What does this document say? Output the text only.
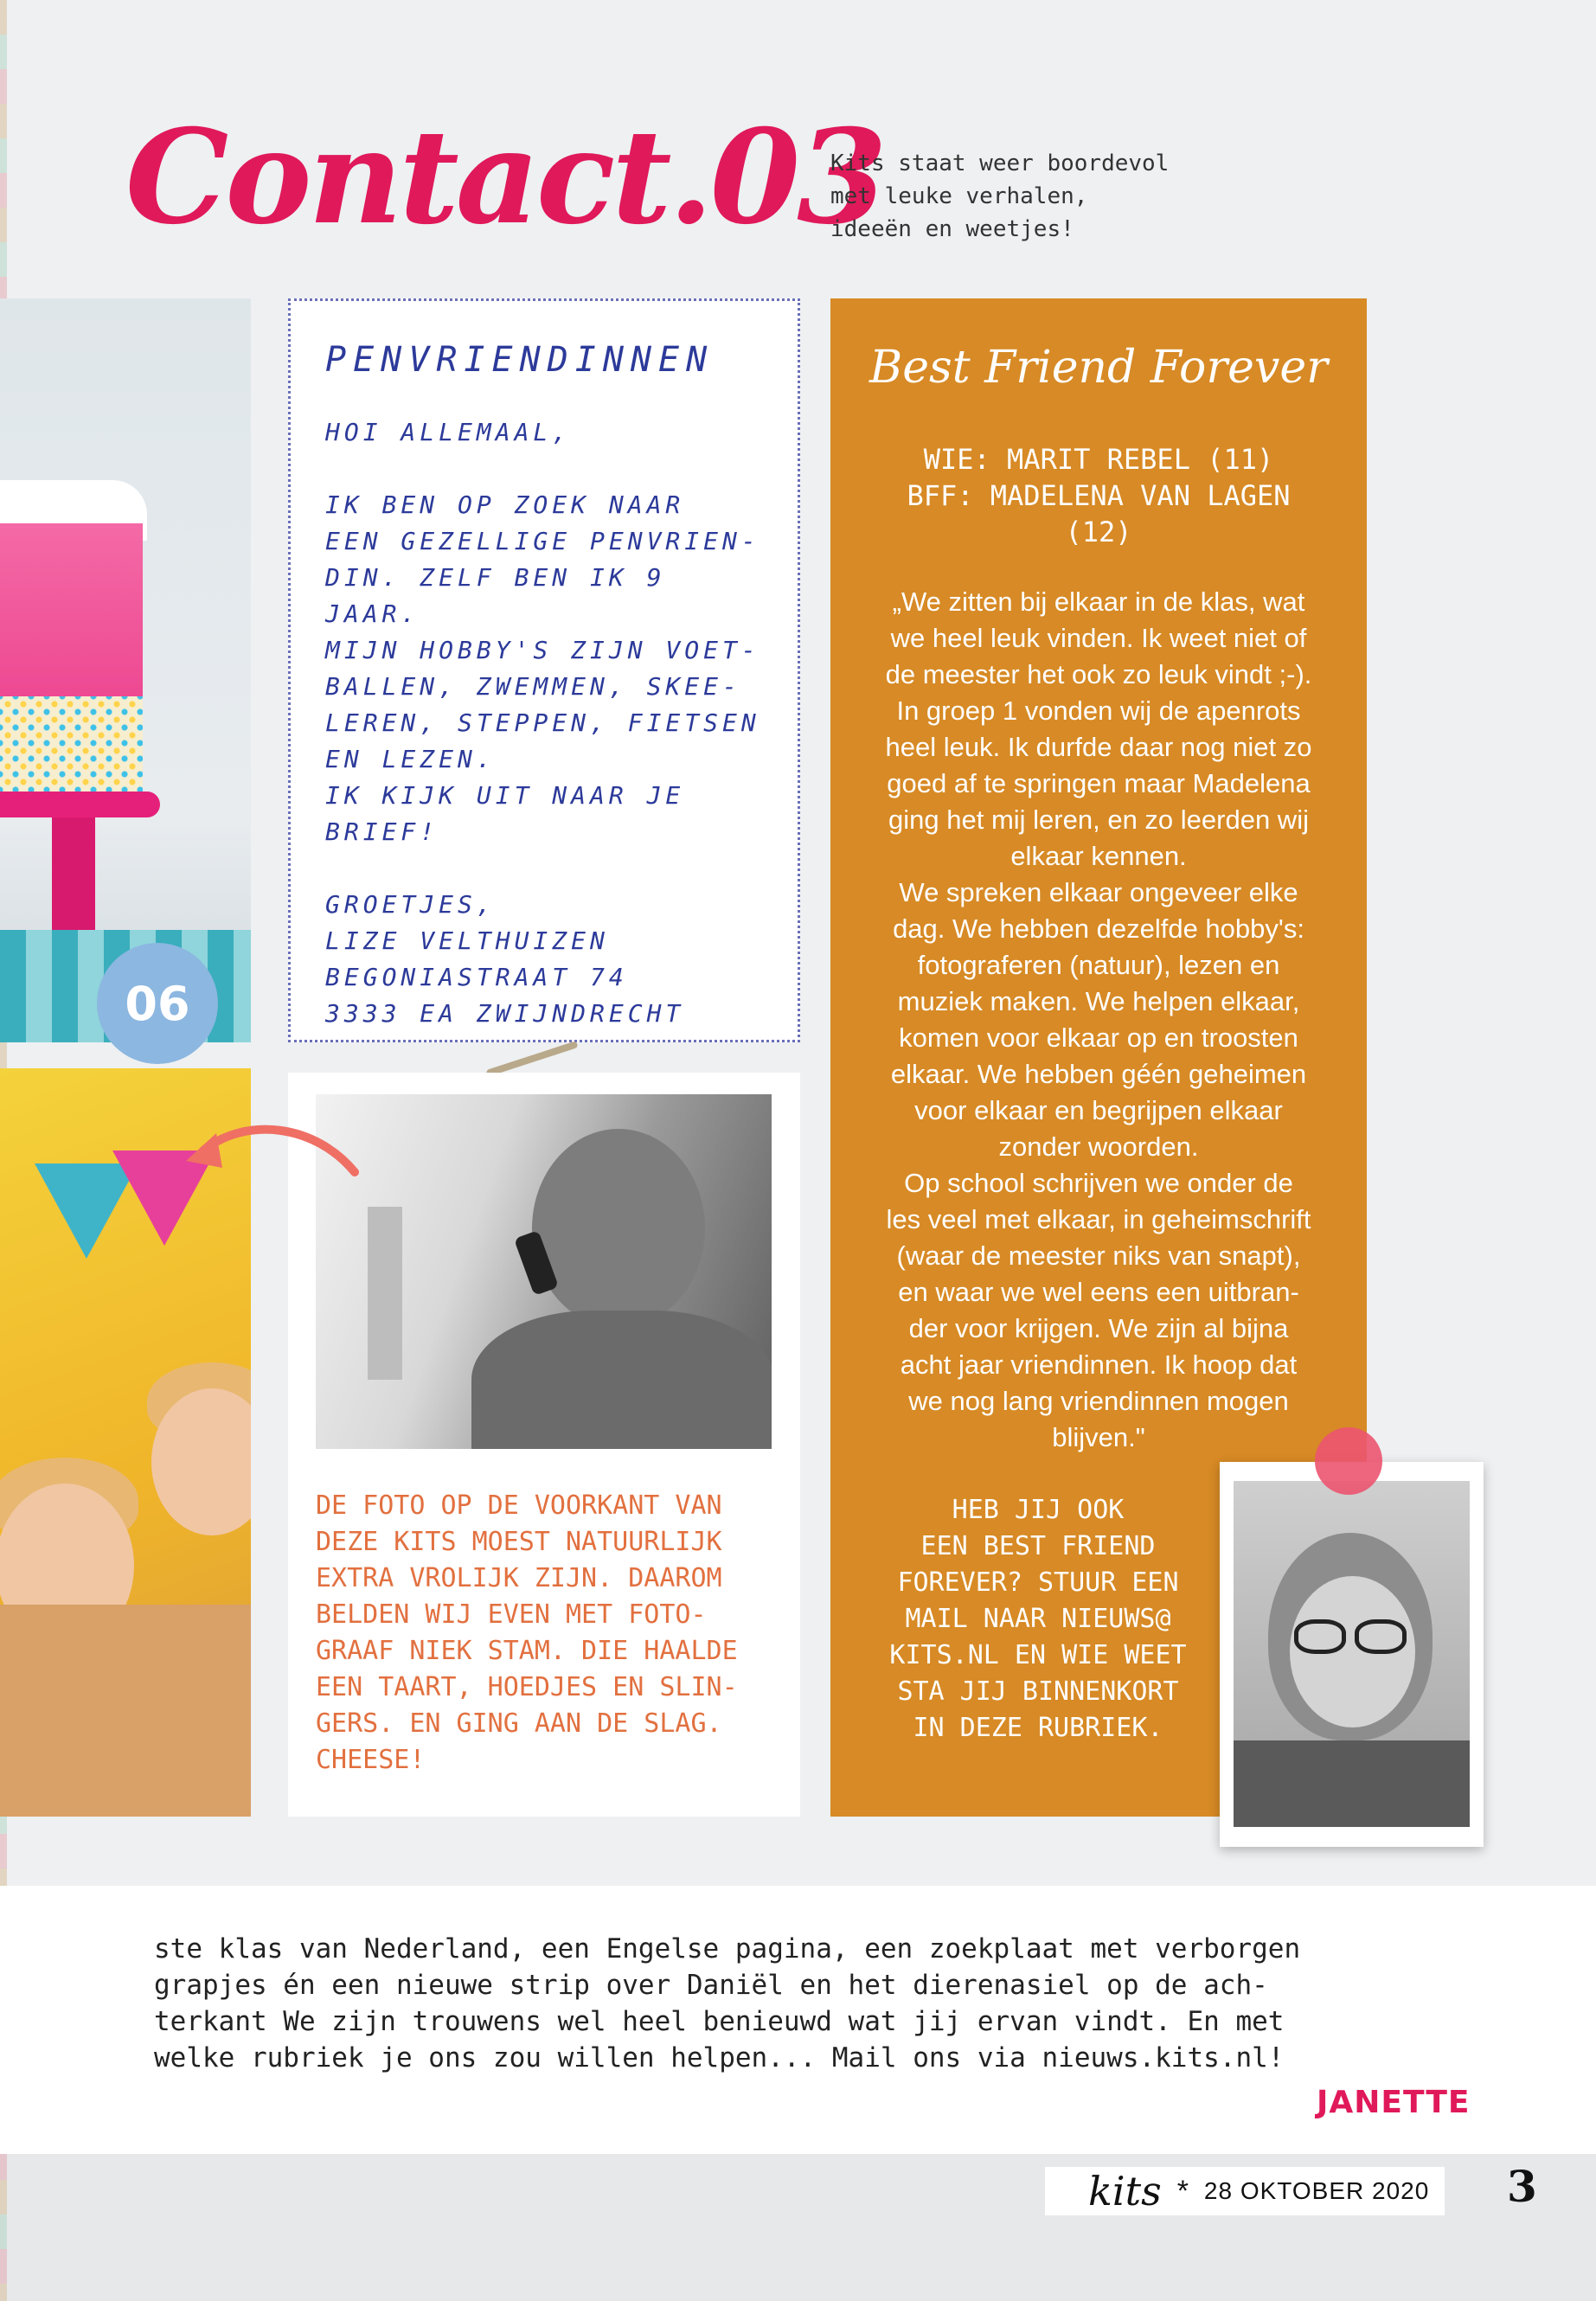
Contact.03
Kits staat weer boordevol
met leuke verhalen,
ideeën en weetjes!
06
PENVRIENDINNEN
HOI ALLEMAAL,

IK BEN OP ZOEK NAAR
EEN GEZELLIGE PENVRIEN-
DIN. ZELF BEN IK 9 JAAR.
MIJN HOBBY'S ZIJN VOET-
BALLEN, ZWEMMEN, SKEE-
LEREN, STEPPEN, FIETSEN
EN LEZEN.
IK KIJK UIT NAAR JE
BRIEF!

GROETJES,
LIZE VELTHUIZEN
BEGONIASTRAAT 74
3333 EA ZWIJNDRECHT
DE FOTO OP DE VOORKANT VAN
DEZE KITS MOEST NATUURLIJK
EXTRA VROLIJK ZIJN. DAAROM
BELDEN WIJ EVEN MET FOTO-
GRAAF NIEK STAM. DIE HAALDE
EEN TAART, HOEDJES EN SLIN-
GERS. EN GING AAN DE SLAG.
CHEESE!
Best Friend Forever
WIE: MARIT REBEL (11)
BFF: MADELENA VAN LAGEN
(12)
„We zitten bij elkaar in de klas, wat
we heel leuk vinden. Ik weet niet of
de meester het ook zo leuk vindt ;-).
In groep 1 vonden wij de apenrots
heel leuk. Ik durfde daar nog niet zo
goed af te springen maar Madelena
ging het mij leren, en zo leerden wij
elkaar kennen.
We spreken elkaar ongeveer elke
dag. We hebben dezelfde hobby's:
fotograferen (natuur), lezen en
muziek maken. We helpen elkaar,
komen voor elkaar op en troosten
elkaar. We hebben géén geheimen
voor elkaar en begrijpen elkaar
zonder woorden.
Op school schrijven we onder de
les veel met elkaar, in geheimschrift
(waar de meester niks van snapt),
en waar we wel eens een uitbran-
der voor krijgen. We zijn al bijna
acht jaar vriendinnen. Ik hoop dat
we nog lang vriendinnen mogen
blijven."
HEB JIJ OOK
EEN BEST FRIEND
FOREVER? STUUR EEN
MAIL NAAR NIEUWS@
KITS.NL EN WIE WEET
STA JIJ BINNENKORT
IN DEZE RUBRIEK.
ste klas van Nederland, een Engelse pagina, een zoekplaat met verborgen
grapjes én een nieuwe strip over Daniël en het dierenasiel op de ach-
terkant We zijn trouwens wel heel benieuwd wat jij ervan vindt. En met
welke rubriek je ons zou willen helpen... Mail ons via nieuws.kits.nl!
JANETTE
kits * 28 OKTOBER 2020 3
